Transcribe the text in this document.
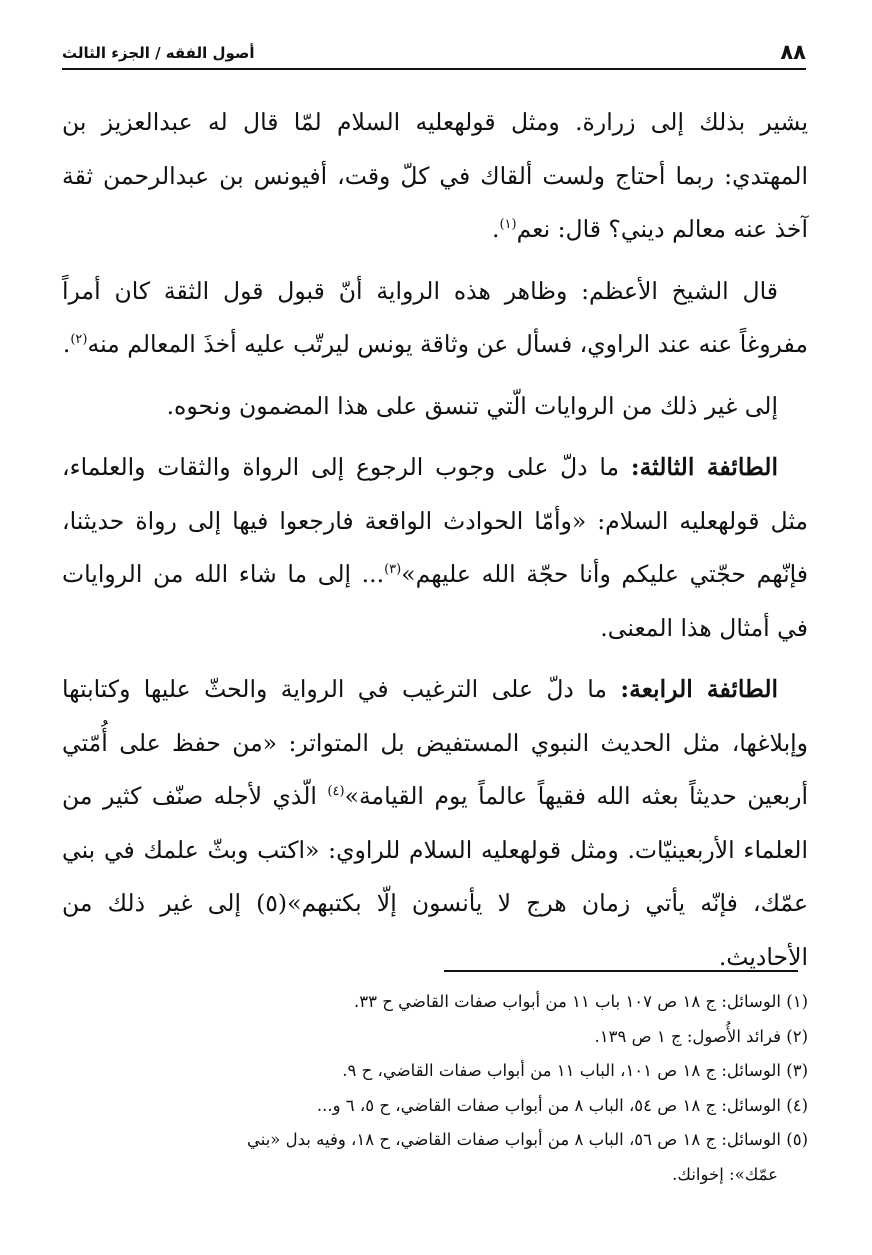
٨٨
أصول الفقه / الجزء الثالث

يشير بذلك إلى زرارة. ومثل قولهعليه السلام لمّا قال له عبدالعزيز بن المهتدي: ربما أحتاج ولست ألقاك في كلّ وقت، أفيونس بن عبدالرحمن ثقة آخذ عنه معالم ديني؟ قال: نعم$^{(١)}$.

قال الشيخ الأعظم: وظاهر هذه الرواية أنّ قبول قول الثقة كان أمراً مفروغاً عنه عند الراوي، فسأل عن وثاقة يونس ليرتّب عليه أخذَ المعالم منه$^{(٢)}$.

إلى غير ذلك من الروايات الّتي تنسق على هذا المضمون ونحوه.

الطائفة الثالثة: ما دلّ على وجوب الرجوع إلى الرواة والثقات والعلماء، مثل قولهعليه السلام: «وأمّا الحوادث الواقعة فارجعوا فيها إلى رواة حديثنا، فإنّهم حجّتي عليكم وأنا حجّة الله عليهم»$^{(٣)}$... إلى ما شاء الله من الروايات في أمثال هذا المعنى.

الطائفة الرابعة: ما دلّ على الترغيب في الرواية والحثّ عليها وكتابتها وإبلاغها، مثل الحديث النبوي المستفيض بل المتواتر: «من حفظ على أُمّتي أربعين حديثاً بعثه الله فقيهاً عالماً يوم القيامة»$^{(٤)}$ الّذي لأجله صنّف كثير من العلماء الأربعينيّات. ومثل قولهعليه السلام للراوي: «اكتب وبثّ علمك في بني عمّك، فإنّه يأتي زمان هرج لا يأنسون إلّا بكتبهم»(٥) إلى غير ذلك من الأحاديث.

(١) الوسائل: ج ١٨ ص ١٠٧ باب ١١ من أبواب صفات القاضي ح ٣٣.

(٢) فرائد الأُصول: ج ١ ص ١٣٩.

(٣) الوسائل: ج ١٨ ص ١٠١، الباب ١١ من أبواب صفات القاضي، ح ٩.

(٤) الوسائل: ج ١٨ ص ٥٤، الباب ٨ من أبواب صفات القاضي، ح ٥، ٦ و...

(٥) الوسائل: ج ١٨ ص ٥٦، الباب ٨ من أبواب صفات القاضي، ح ١٨، وفيه بدل «بني

عمّك»: إخوانك.
